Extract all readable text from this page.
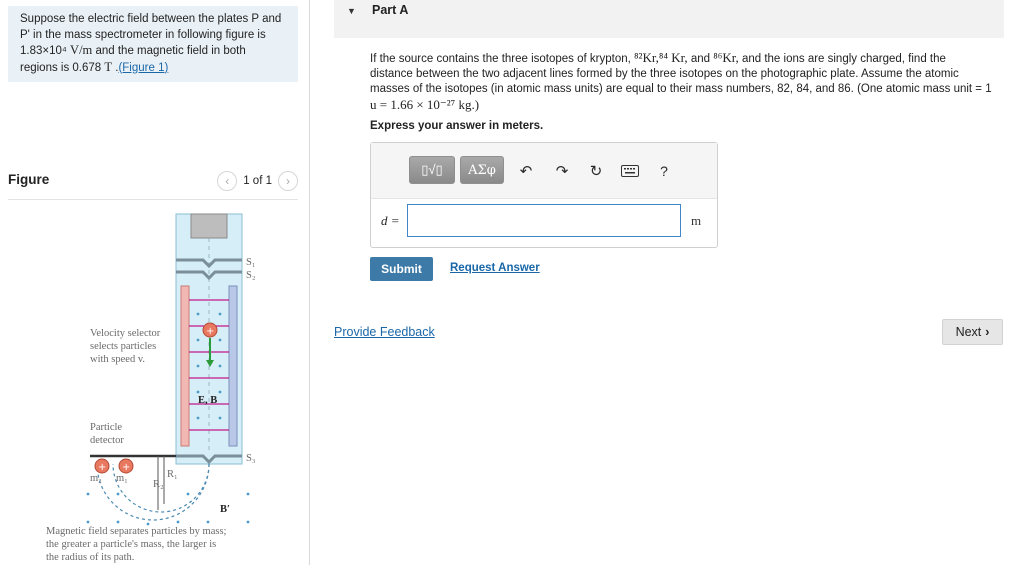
Suppose the electric field between the plates P and
P' in the mass spectrometer in following figure is
1.83×10⁴ V/m and the magnetic field in both
regions is 0.678 T .(Figure 1)
Figure	‹	1 of 1	›
+
+ +
Velocity selector
selects particles
with speed v.
Particle
detector
Magnetic field separates particles by mass;
the greater a particle's mass, the larger is
the radius of its path.
S₁
S₂
S₃
E, B
B′
R₁
R₂
m₁
m₂
▼ Part A
If the source contains the three isotopes of krypton, ⁸²Kr,⁸⁴ Kr, and ⁸⁶Kr, and the ions are singly charged, find the
distance between the two adjacent lines formed by the three isotopes on the photographic plate. Assume the atomic
masses of the isotopes (in atomic mass units) are equal to their mass numbers, 82, 84, and 86. (One atomic mass unit = 1
u = 1.66 × 10⁻²⁷ kg.)
Express your answer in meters.
▯√▯	ΑΣφ	↶	↷	↻	?
d =	m
Submit	Request Answer
Provide Feedback	Next ›
